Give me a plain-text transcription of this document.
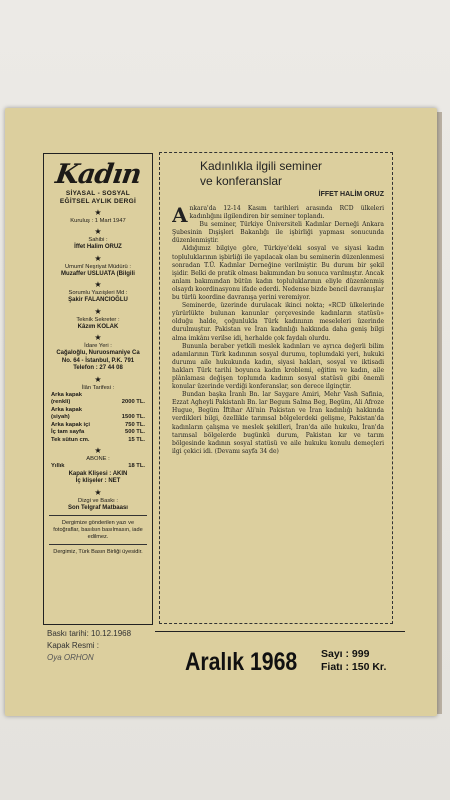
Kadın
SİYASAL - SOSYAL
EĞİTSEL AYLIK DERGİ
★
Kuruluş : 1 Mart 1947
★
Sahibi :
İffet Halim ORUZ
★
Umumî Neşriyat Müdürü :
Muzaffer USLUATA (Bilgili
★
Sorumlu Yazıişleri Md :
Şakir FALANCIOĞLU
★
Teknik Sekreter :
Kâzım KOLAK
★
İdare Yeri :
Cağaloğlu, Nuruosmaniye Ca
No. 64 - İstanbul, P.K. 791
Telefon : 27 44 08
★
İlân Tarifesi :
Arka kapak
(renkli)	2000 TL.
Arka kapak
(siyah)	1500 TL.
Arka kapak içi	750 TL.
İç tam sayfa	500 TL.
Tek sütun cm.	15 TL.
★
ABONE :
Yıllık	18 TL.
Kapak Klişesi : AKIN
İç klişeler : NET
★
Dizgi ve Baskı :
Son Telgraf Matbaası
Dergimize gönderilen yazı ve fotoğraflar, basılsın basılmasın, iade edilmez.
Dergimiz, Türk Basın Birliği üyesidir.
Baskı tarihi: 10.12.1968
Kapak Resmi :
Oya ORHON
Kadınlıkla ilgili seminer
ve konferanslar
İFFET HALİM ORUZ
A nkara'da 12-14 Kasım tarihleri arasında RCD ülkeleri kadınlığını ilgilendiren bir seminer toplandı.

Bu seminer, Türkiye Üniversiteli Kadınlar Derneği Ankara Şubesinin Dışişleri Bakanlığı ile işbirliği yapması sonucunda düzenlenmiştir.

Aldığımız bilgiye göre, Türkiye'deki sosyal ve siyasi kadın topluluklarının işbirliği ile yapılacak olan bu seminerin düzenlenmesi sonradan T.Ü. Kadınlar Derneğine verilmiştir. Bu durum bir şekil işidir. Belki de pratik olması bakımından bu sonuca varılmıştır. Ancak anlam bakımından bütün kadın topluluklarının eliyle düzenlenmiş olsaydı koordinasyonu ifade ederdi. Nedense bizde bencil davranışlar bu türlü koordine davranışa yerini veremiyor.

Seminerde, üzerinde durulacak ikinci nokta; «RCD ülkelerinde yürürlükte bulunan kanunlar çerçevesinde kadınların statüsü» olduğu halde, çoğunlukla Türk kadınının meseleleri üzerinde durulmuştur. Pakistan ve İran kadınlığı hakkında daha geniş bilgi alma imkânı verilse idi, herhalde çok faydalı olurdu.

Bununla beraber yetkili meslek kadınları ve ayrıca değerli bilim adamlarının Türk kadınının sosyal durumu, toplumdaki yeri, hukuki durumu aile hukukunda kadın, siyasi hakları, sosyal ve iktisadi hakları Türk tarihi boyunca kadın kroblemi, eğitim ve kadın, aile plânlaması değişen toplumda kadının sosyal statüsü gibi önemli konular üzerinde verdiği konferanslar, son derece ilginçtir.

Bundan başka İranlı Bn. lar Saygare Amiri, Mehr Vash Safinia, Ezzat Agheyli Pakistanlı Bn. lar Begum Salma Beg, Begüm, Ali Afroze Hugue, Begüm İftihar Ali'nin Pakistan ve İran kadınlığı hakkında verdikleri bilgi, özellikle tarımsal bölgelerdeki gelişme, Pakistan'da kadınların çalışma ve meslek şekilleri, İran'da aile hukuku, İran'da tarımsal bölgelerde bugünkü durum, Pakistan kır ve tarım bölgesinde kadının sosyal statüsü ve aile hukuku konulu demeçleri ilgi çekici idi. (Devamı sayfa 34 de)

Aralık 1968 Sayı : 999
Fiatı : 150 Kr.
